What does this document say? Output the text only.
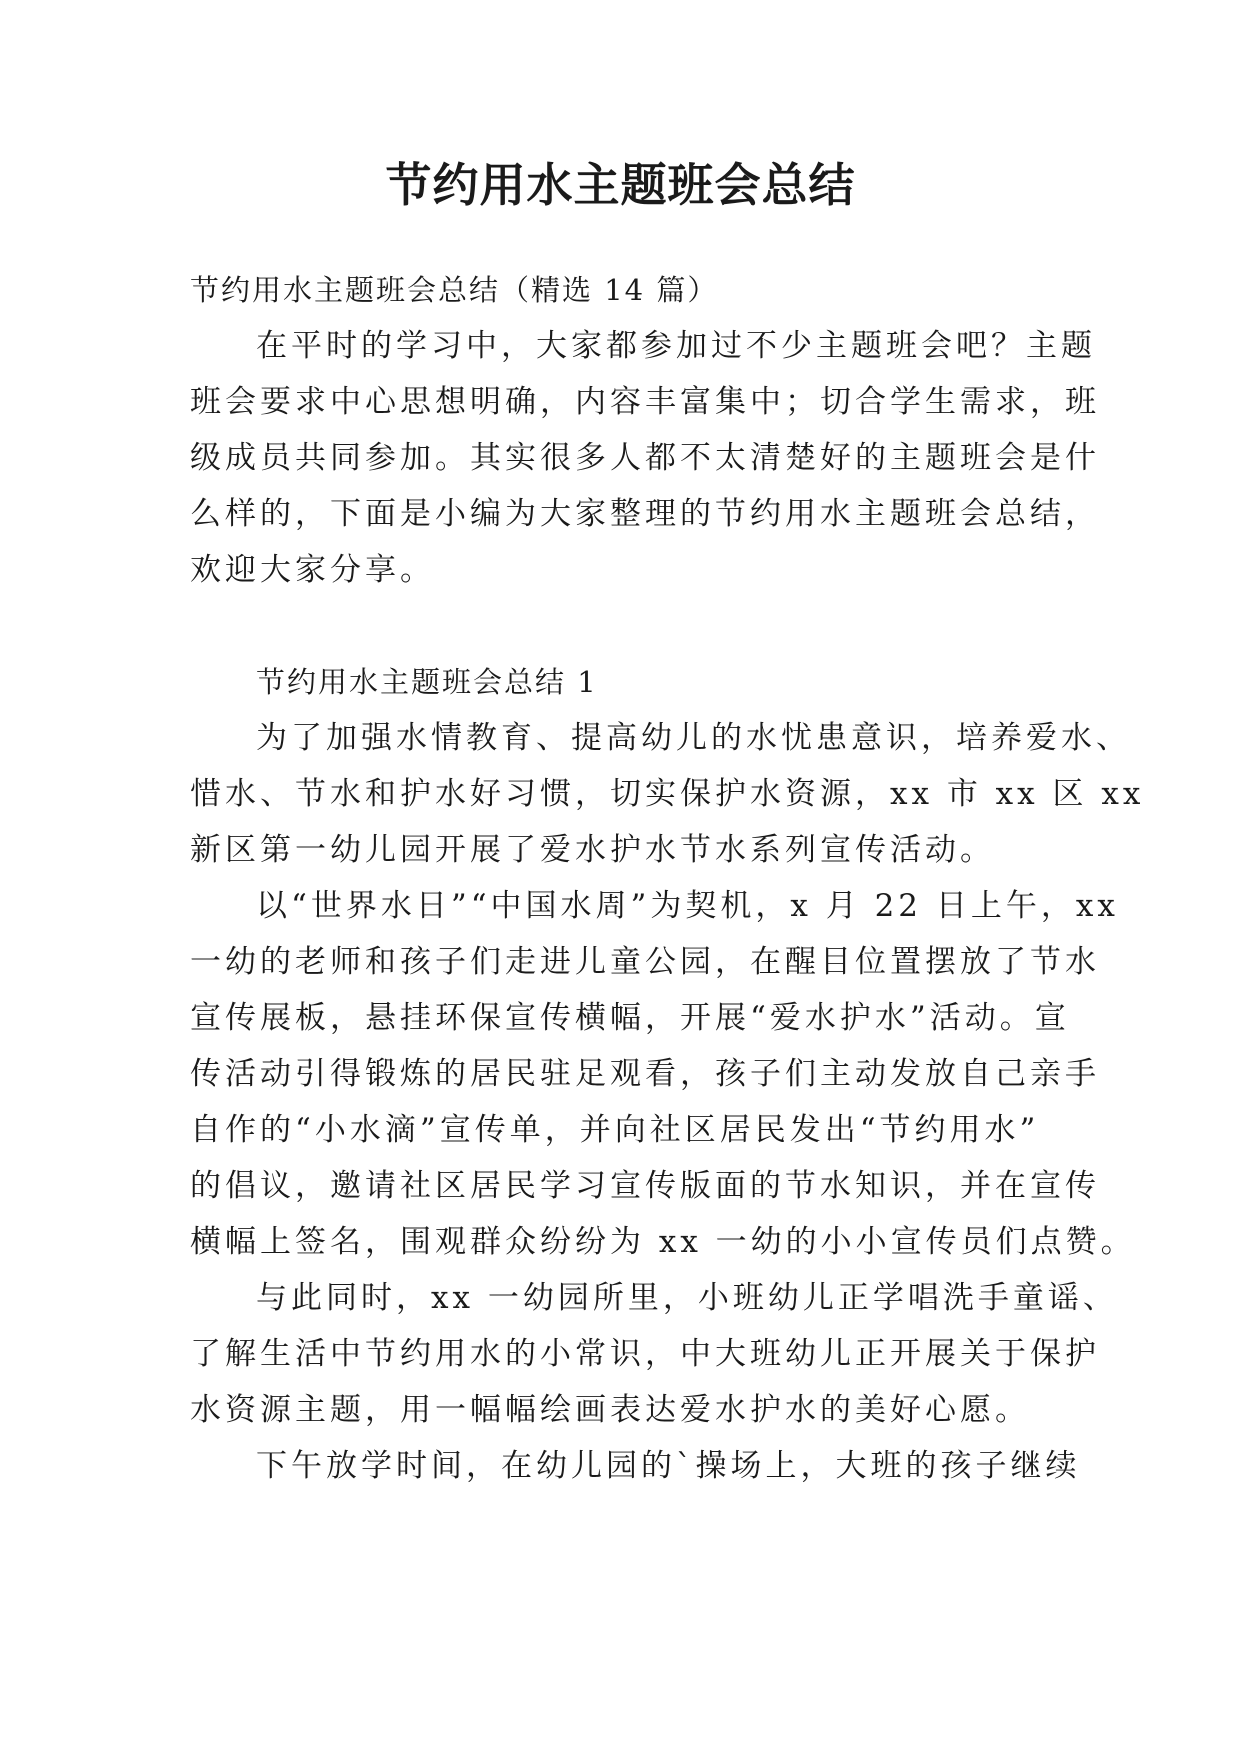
节约用水主题班会总结
节约用水主题班会总结（精选 14 篇）
在平时的学习中，大家都参加过不少主题班会吧？主题
班会要求中心思想明确，内容丰富集中；切合学生需求，班
级成员共同参加。其实很多人都不太清楚好的主题班会是什
么样的，下面是小编为大家整理的节约用水主题班会总结，
欢迎大家分享。
节约用水主题班会总结 1
为了加强水情教育、提高幼儿的水忧患意识，培养爱水、
惜水、节水和护水好习惯，切实保护水资源，xx 市 xx 区 xx
新区第一幼儿园开展了爱水护水节水系列宣传活动。
以“世界水日”“中国水周”为契机，x 月 22 日上午，xx
一幼的老师和孩子们走进儿童公园，在醒目位置摆放了节水
宣传展板，悬挂环保宣传横幅，开展“爱水护水”活动。宣
传活动引得锻炼的居民驻足观看，孩子们主动发放自己亲手
自作的“小水滴”宣传单，并向社区居民发出“节约用水”
的倡议，邀请社区居民学习宣传版面的节水知识，并在宣传
横幅上签名，围观群众纷纷为 xx 一幼的小小宣传员们点赞。
与此同时，xx 一幼园所里，小班幼儿正学唱洗手童谣、
了解生活中节约用水的小常识，中大班幼儿正开展关于保护
水资源主题，用一幅幅绘画表达爱水护水的美好心愿。
下午放学时间，在幼儿园的`操场上，大班的孩子继续
